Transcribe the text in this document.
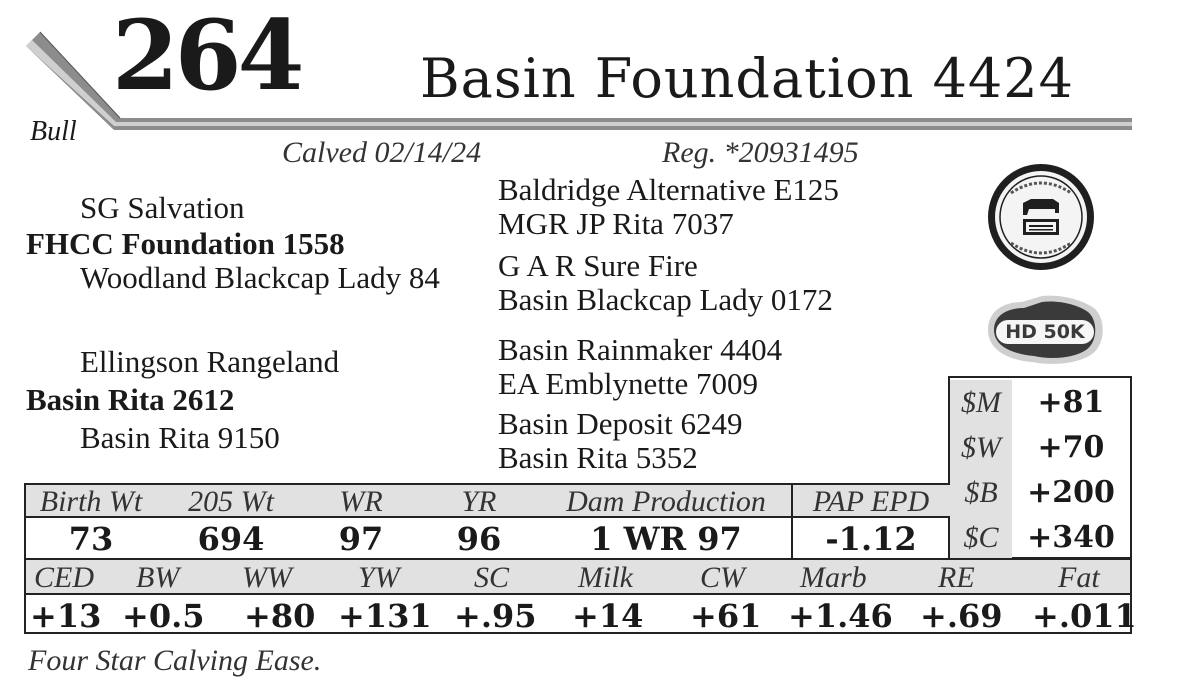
264 Basin Foundation 4424
Bull
Calved 02/14/24	Reg. *20931495
SG Salvation
FHCC Foundation 1558
Woodland Blackcap Lady 84
Baldridge Alternative E125
MGR JP Rita 7037
G A R Sure Fire
Basin Blackcap Lady 0172
Ellingson Rangeland
Basin Rita 2612
Basin Rita 9150
Basin Rainmaker 4404
EA Emblynette 7009
Basin Deposit 6249
Basin Rita 5352
HD 50K
$M	+81
$W	+70
$B +200
$C +340
Birth Wt	205 Wt	WR	YR	Dam Production	PAP EPD
73	694	97	96	1 WR 97	-1.12
CED BW WW YW SC Milk CW Marb RE	Fat
+13 +0.5 +80 +131 +.95 +14 +61 +1.46 +.69 +.011
Four Star Calving Ease.
